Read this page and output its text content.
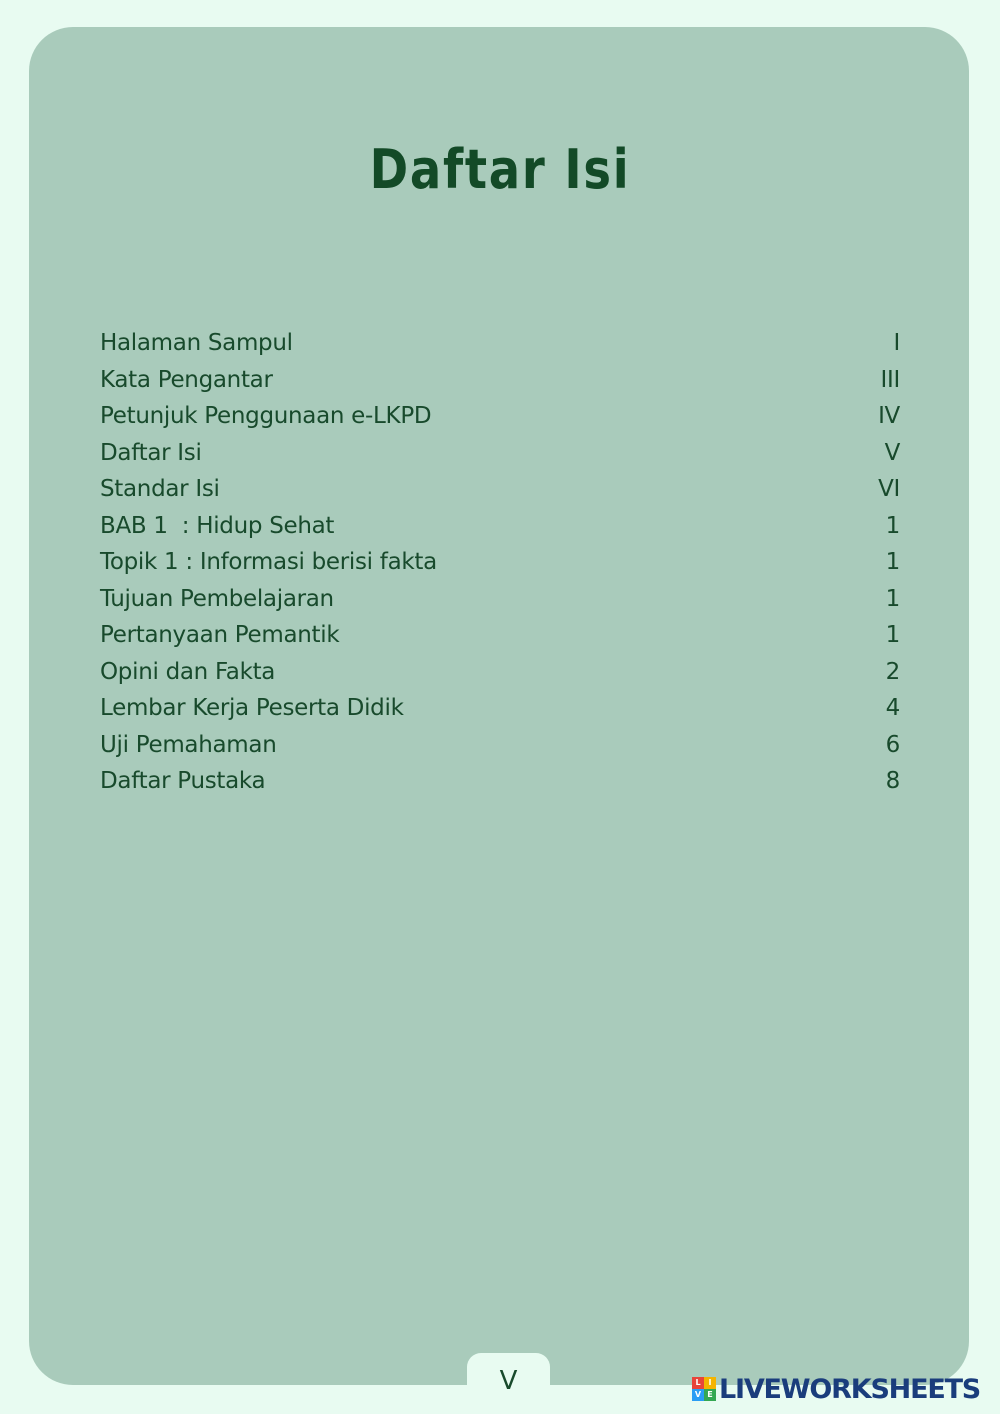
Daftar Isi
Halaman Sampul	I
Kata Pengantar	III
Petunjuk Penggunaan e-LKPD	IV
Daftar Isi	V
Standar Isi	VI
BAB 1  : Hidup Sehat	1
Topik 1 : Informasi berisi fakta	1
Tujuan Pembelajaran	1
Pertanyaan Pemantik	1
Opini dan Fakta	2
Lembar Kerja Peserta Didik	4
Uji Pemahaman	6
Daftar Pustaka	8
V	L I
V E LIVEWORKSHEETS
